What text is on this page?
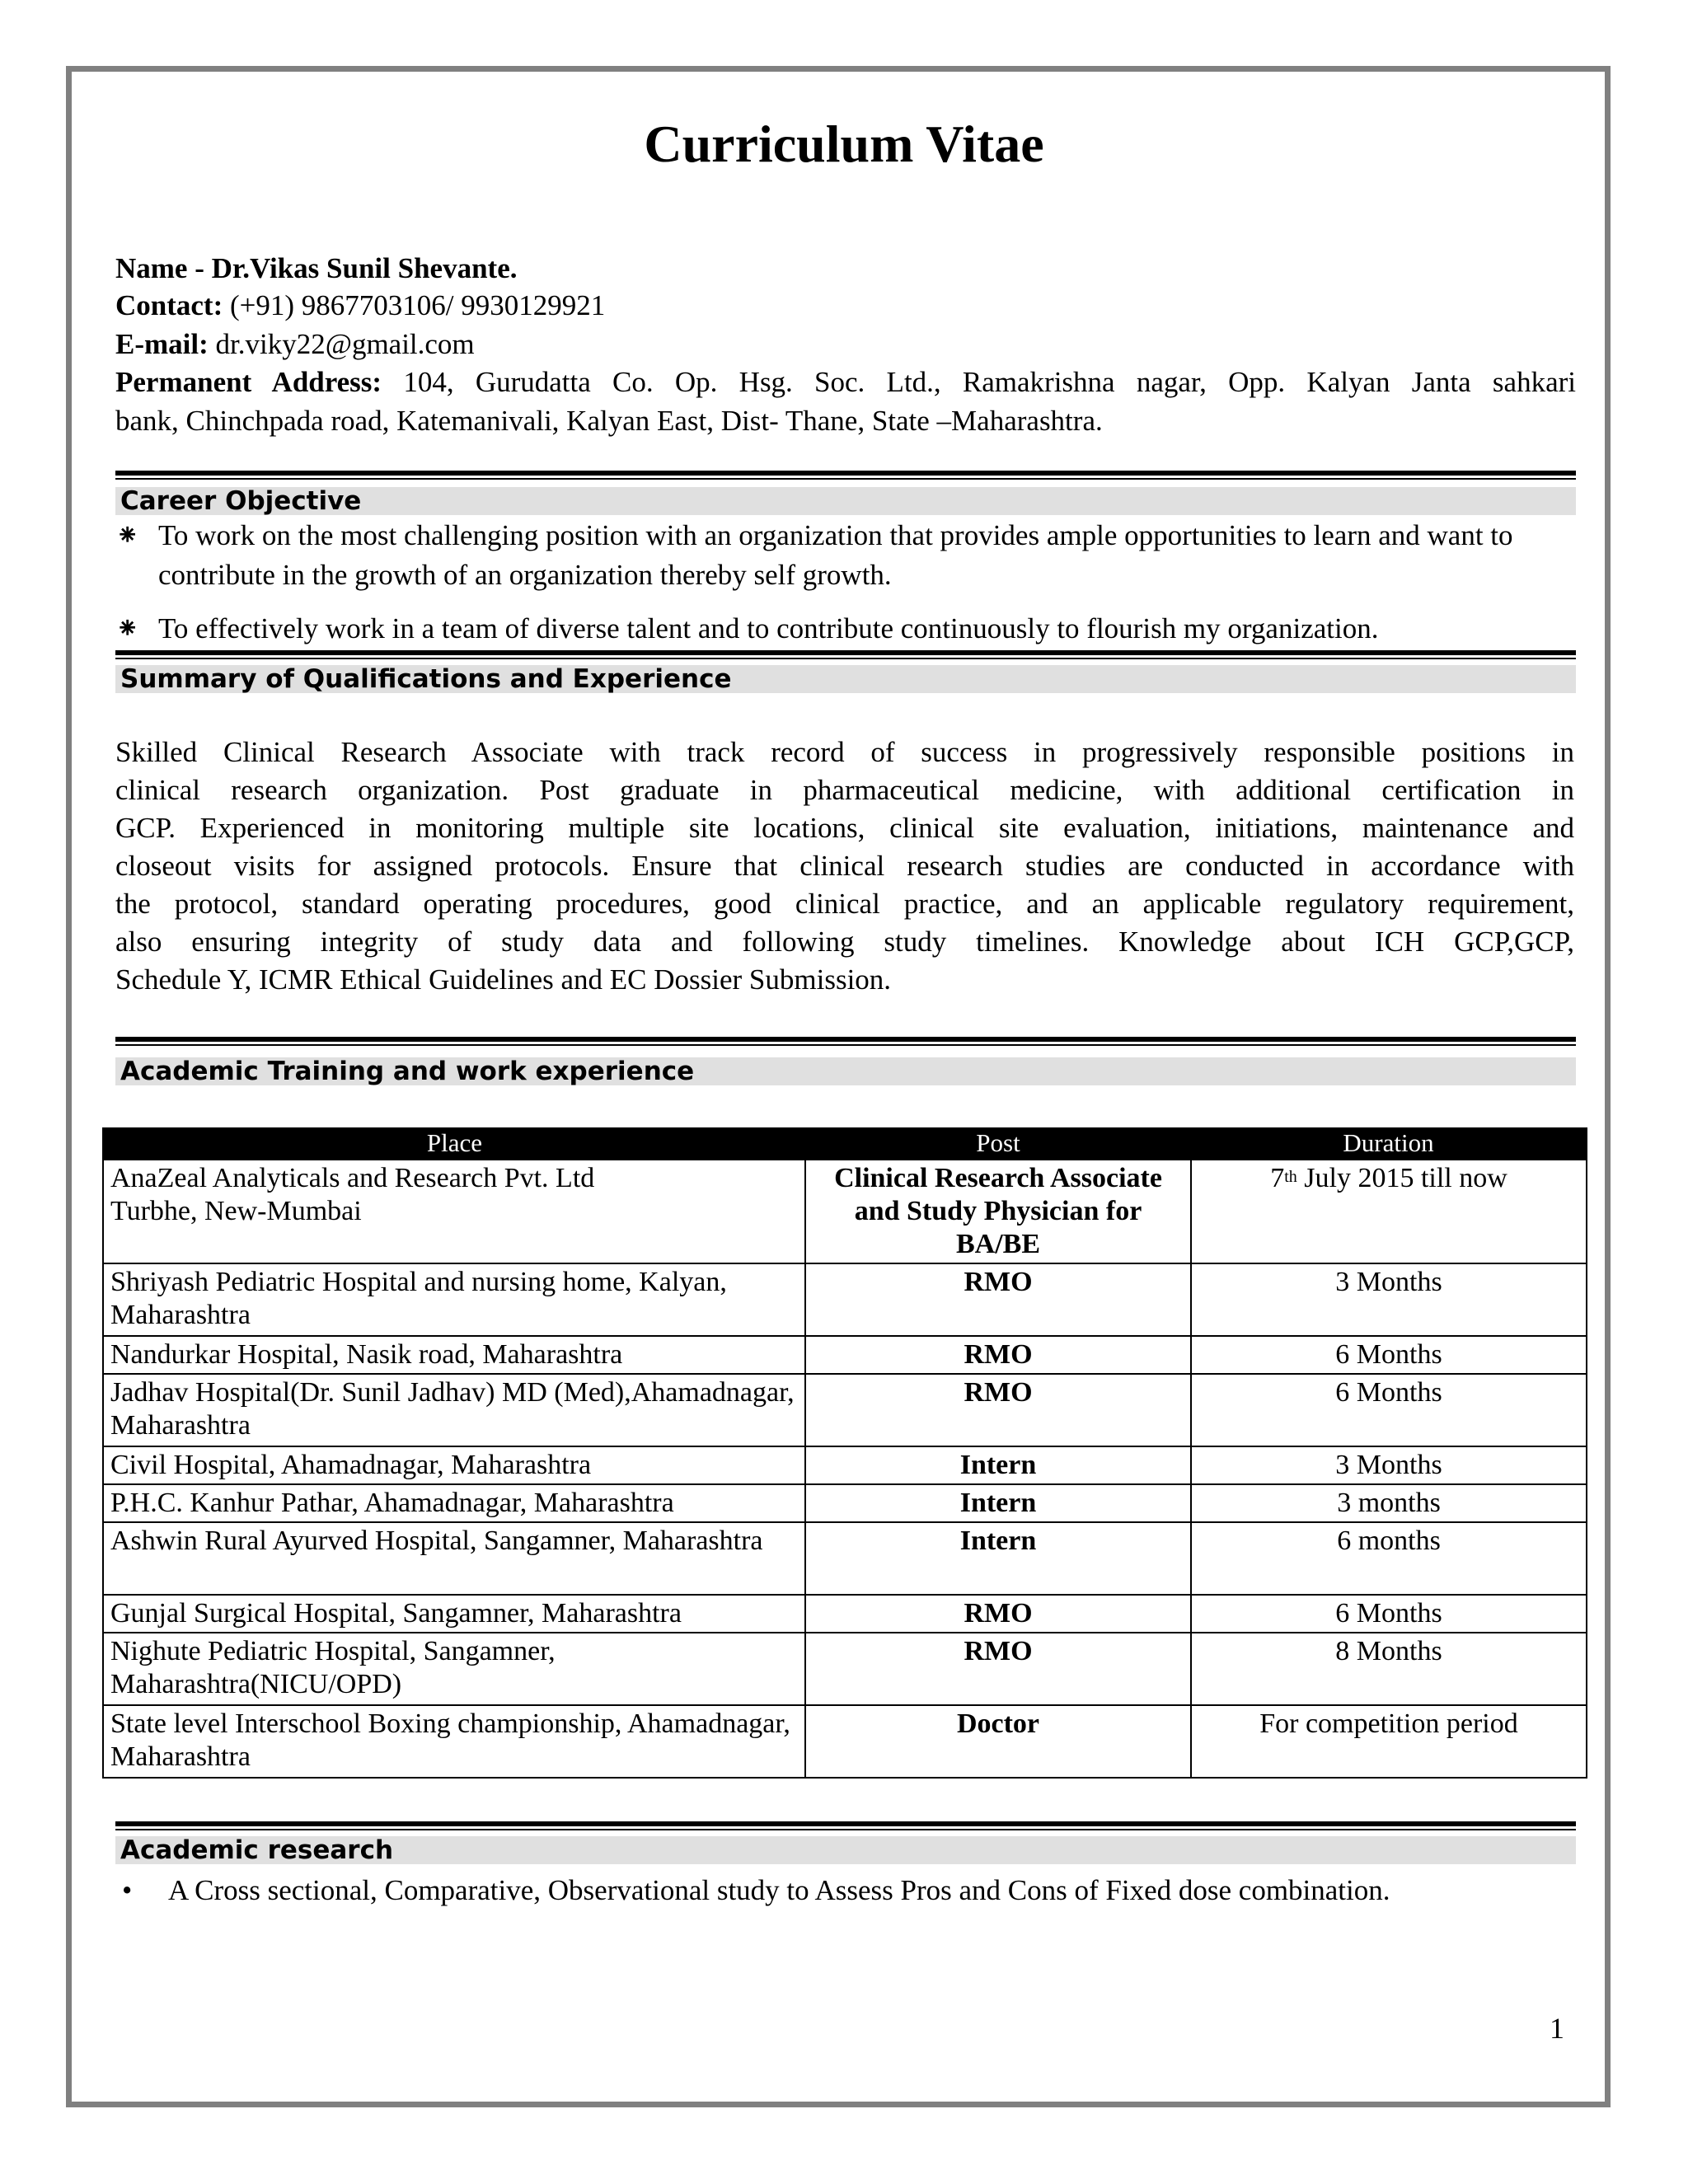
Curriculum Vitae
Name - Dr.Vikas Sunil Shevante.
Contact: (+91) 9867703106/ 9930129921
E-mail: dr.viky22@gmail.com
Permanent Address: 104, Gurudatta Co. Op. Hsg. Soc. Ltd., Ramakrishna nagar, Opp. Kalyan Janta sahkari
bank, Chinchpada road, Katemanivali, Kalyan East, Dist- Thane, State –Maharashtra.
Career Objective
⁕ To work on the most challenging position with an organization that provides ample opportunities to learn and want to contribute in the growth of an organization thereby self growth.
⁕ To effectively work in a team of diverse talent and to contribute continuously to flourish my organization.
Summary of Qualifications and Experience
Skilled Clinical Research Associate with track record of success in progressively responsible positions in
clinical research organization. Post graduate in pharmaceutical medicine, with additional certification in
GCP. Experienced in monitoring multiple site locations, clinical site evaluation, initiations, maintenance and
closeout visits for assigned protocols. Ensure that clinical research studies are conducted in accordance with
the protocol, standard operating procedures, good clinical practice, and an applicable regulatory requirement,
also ensuring integrity of study data and following study timelines. Knowledge about ICH GCP,GCP,
Schedule Y, ICMR Ethical Guidelines and EC Dossier Submission.
Academic Training and work experience
Place	Post	Duration
AnaZeal Analyticals and Research Pvt. Ltd
Turbhe, New-Mumbai	Clinical Research Associate and Study Physician for BA/BE	7th July 2015 till now
Shriyash Pediatric Hospital and nursing home, Kalyan, Maharashtra	RMO	3 Months
Nandurkar Hospital, Nasik road, Maharashtra	RMO	6 Months
Jadhav Hospital(Dr. Sunil Jadhav) MD (Med),Ahamadnagar, Maharashtra	RMO	6 Months
Civil Hospital, Ahamadnagar, Maharashtra	Intern	3 Months
P.H.C. Kanhur Pathar, Ahamadnagar, Maharashtra	Intern	3 months
Ashwin Rural Ayurved Hospital, Sangamner, Maharashtra	Intern	6 months
Gunjal Surgical Hospital, Sangamner, Maharashtra	RMO	6 Months
Nighute Pediatric Hospital, Sangamner, Maharashtra(NICU/OPD)	RMO	8 Months
State level Interschool Boxing championship, Ahamadnagar, Maharashtra	Doctor	For competition period
Academic research
•	A Cross sectional, Comparative, Observational study to Assess Pros and Cons of Fixed dose combination.
1
